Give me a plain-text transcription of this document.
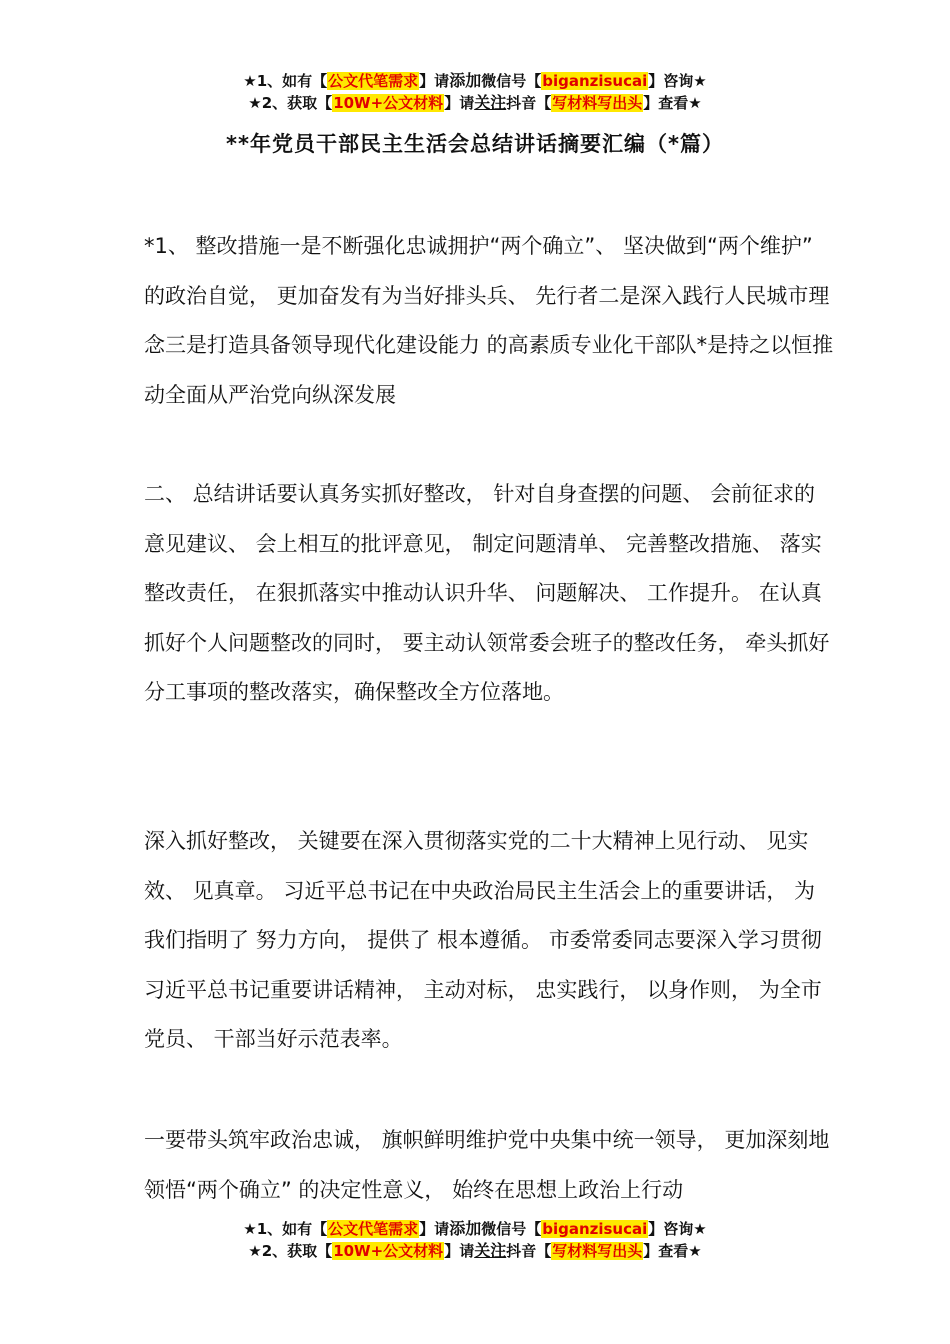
★1、如有【公文代笔需求】请添加微信号【biganzisucai】咨询★
★2、获取【10W+公文材料】请关注抖音【写材料写出头】查看★
**年党员干部民主生活会总结讲话摘要汇编（*篇）

*1、 整改措施一是不断强化忠诚拥护“两个确立”、 坚决做到“两个维护” 的政治自觉， 更加奋发有为当好排头兵、 先行者二是深入践行人民城市理念三是打造具备领导现代化建设能力 的高素质专业化干部队*是持之以恒推动全面从严治党向纵深发展

二、 总结讲话要认真务实抓好整改， 针对自身查摆的问题、 会前征求的意见建议、 会上相互的批评意见， 制定问题清单、 完善整改措施、 落实整改责任， 在狠抓落实中推动认识升华、 问题解决、 工作提升。 在认真抓好个人问题整改的同时， 要主动认领常委会班子的整改任务， 牵头抓好分工事项的整改落实，确保整改全方位落地。

深入抓好整改， 关键要在深入贯彻落实党的二十大精神上见行动、 见实效、 见真章。 习近平总书记在中央政治局民主生活会上的重要讲话， 为我们指明了 努力方向， 提供了 根本遵循。 市委常委同志要深入学习贯彻习近平总书记重要讲话精神， 主动对标， 忠实践行， 以身作则， 为全市党员、 干部当好示范表率。

一要带头筑牢政治忠诚， 旗帜鲜明维护党中央集中统一领导， 更加深刻地领悟“两个确立” 的决定性意义， 始终在思想上政治上行动

★1、如有【公文代笔需求】请添加微信号【biganzisucai】咨询★
★2、获取【10W+公文材料】请关注抖音【写材料写出头】查看★
